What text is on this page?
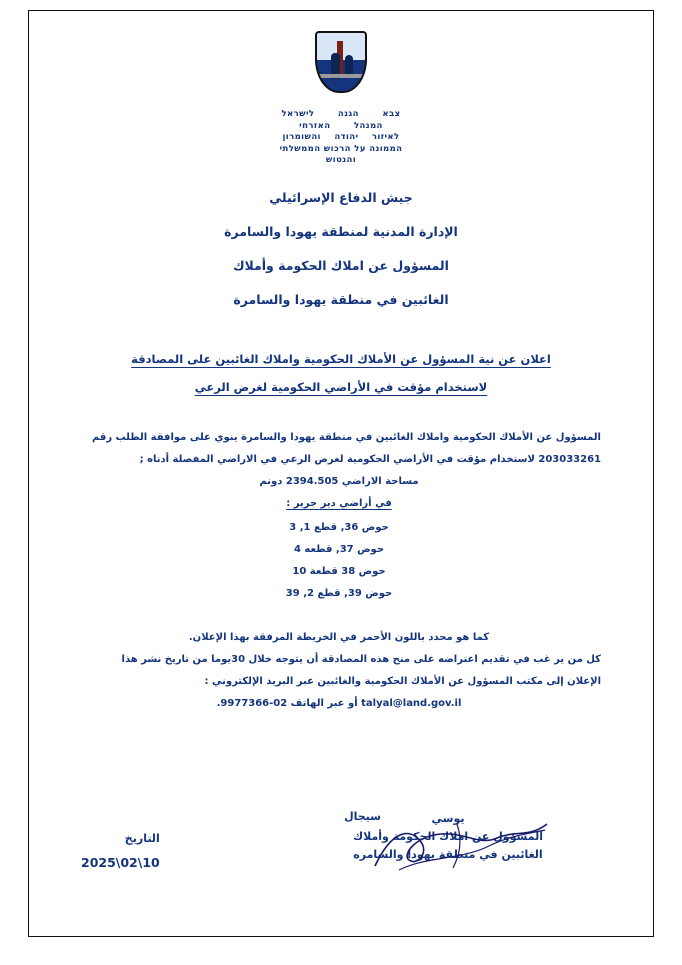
צבא       הגנה       לישראל
המנהל       האזרחי
לאיזור    יהודה    והשומרון
הממונה על הרכוש הממשלתי
והנטוש
جيش الدفاع الإسرائيلي
الإدارة المدنية لمنطقة يهودا والسامرة
المسؤول عن املاك الحكومة وأملاك
الغائبين في منطقة يهودا والسامرة
اعلان عن نية المسؤول عن الأملاك الحكومية واملاك الغائبين على المصادقة
لاستخدام مؤقت في الأراضي الحكومية لغرض الرعي

المسؤول عن الأملاك الحكومية واملاك الغائبين في منطقة يهودا والسامرة ينوي على موافقة الطلب رقم

203033261 لاستخدام مؤقت في الأراضي الحكومية لغرض الرعي في الاراضي المفصلة أدناه ;

مساحة الاراضي 2394.505 دونم

في أراضي دير جرير :

حوض 36, قطع 1, 3
حوض 37, قطعه 4
حوض 38 قطعة 10
حوض 39, قطع 2, 39

كما هو محدد باللون الأحمر في الخريطة المرفقة بهذا الإعلان.

كل من ير غب في تقديم اعتراضه على منح هذه المصادقة أن يتوجه خلال 30يوما من تاريخ نشر هذا

الإعلان إلى مكتب المسؤول عن الأملاك الحكومية والغائبين عبر البريد الإلكتروني :

talyal@land.gov.il أو عبر الهاتف 02-9977366.

سيجال	يوسي
المسؤول عن املاك الحكومة وأملاك
الغائبين في منطقة يهودا والسامره
التاريخ
2025\02\10
